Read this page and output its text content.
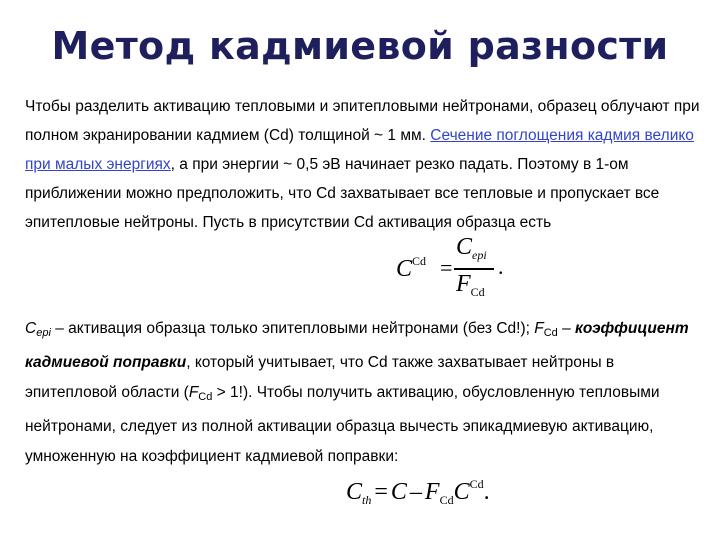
Метод кадмиевой разности

Чтобы разделить активацию тепловыми и эпитепловыми нейтронами, образец облучают при полном экранировании кадмием (Cd) толщиной ~ 1 мм. Сечение поглощения кадмия велико при малых энергиях, а при энергии ~ 0,5 эВ начинает резко падать. Поэтому в 1-ом приближении можно предположить, что Cd захватывает все тепловые и пропускает все эпитепловые нейтроны. Пусть в присутствии Cd активация образца есть

$C^{Cd}$ =
$C_{epi}$
$F_{Cd}$
.

Cepi – активация образца только эпитепловыми нейтронами (без Cd!); $F_{Cd}$ – коэффициент кадмиевой поправки, который учитывает, что Cd также захватывает нейтроны в эпитепловой области $(F_{Cd} > 1!)$. Чтобы получить активацию, обусловленную тепловыми нейтронами, следует из полной активации образца вычесть эпикадмиевую активацию, умноженную на коэффициент кадмиевой поправки:

$C_{th} = C - F_{Cd}C^{Cd}$.
